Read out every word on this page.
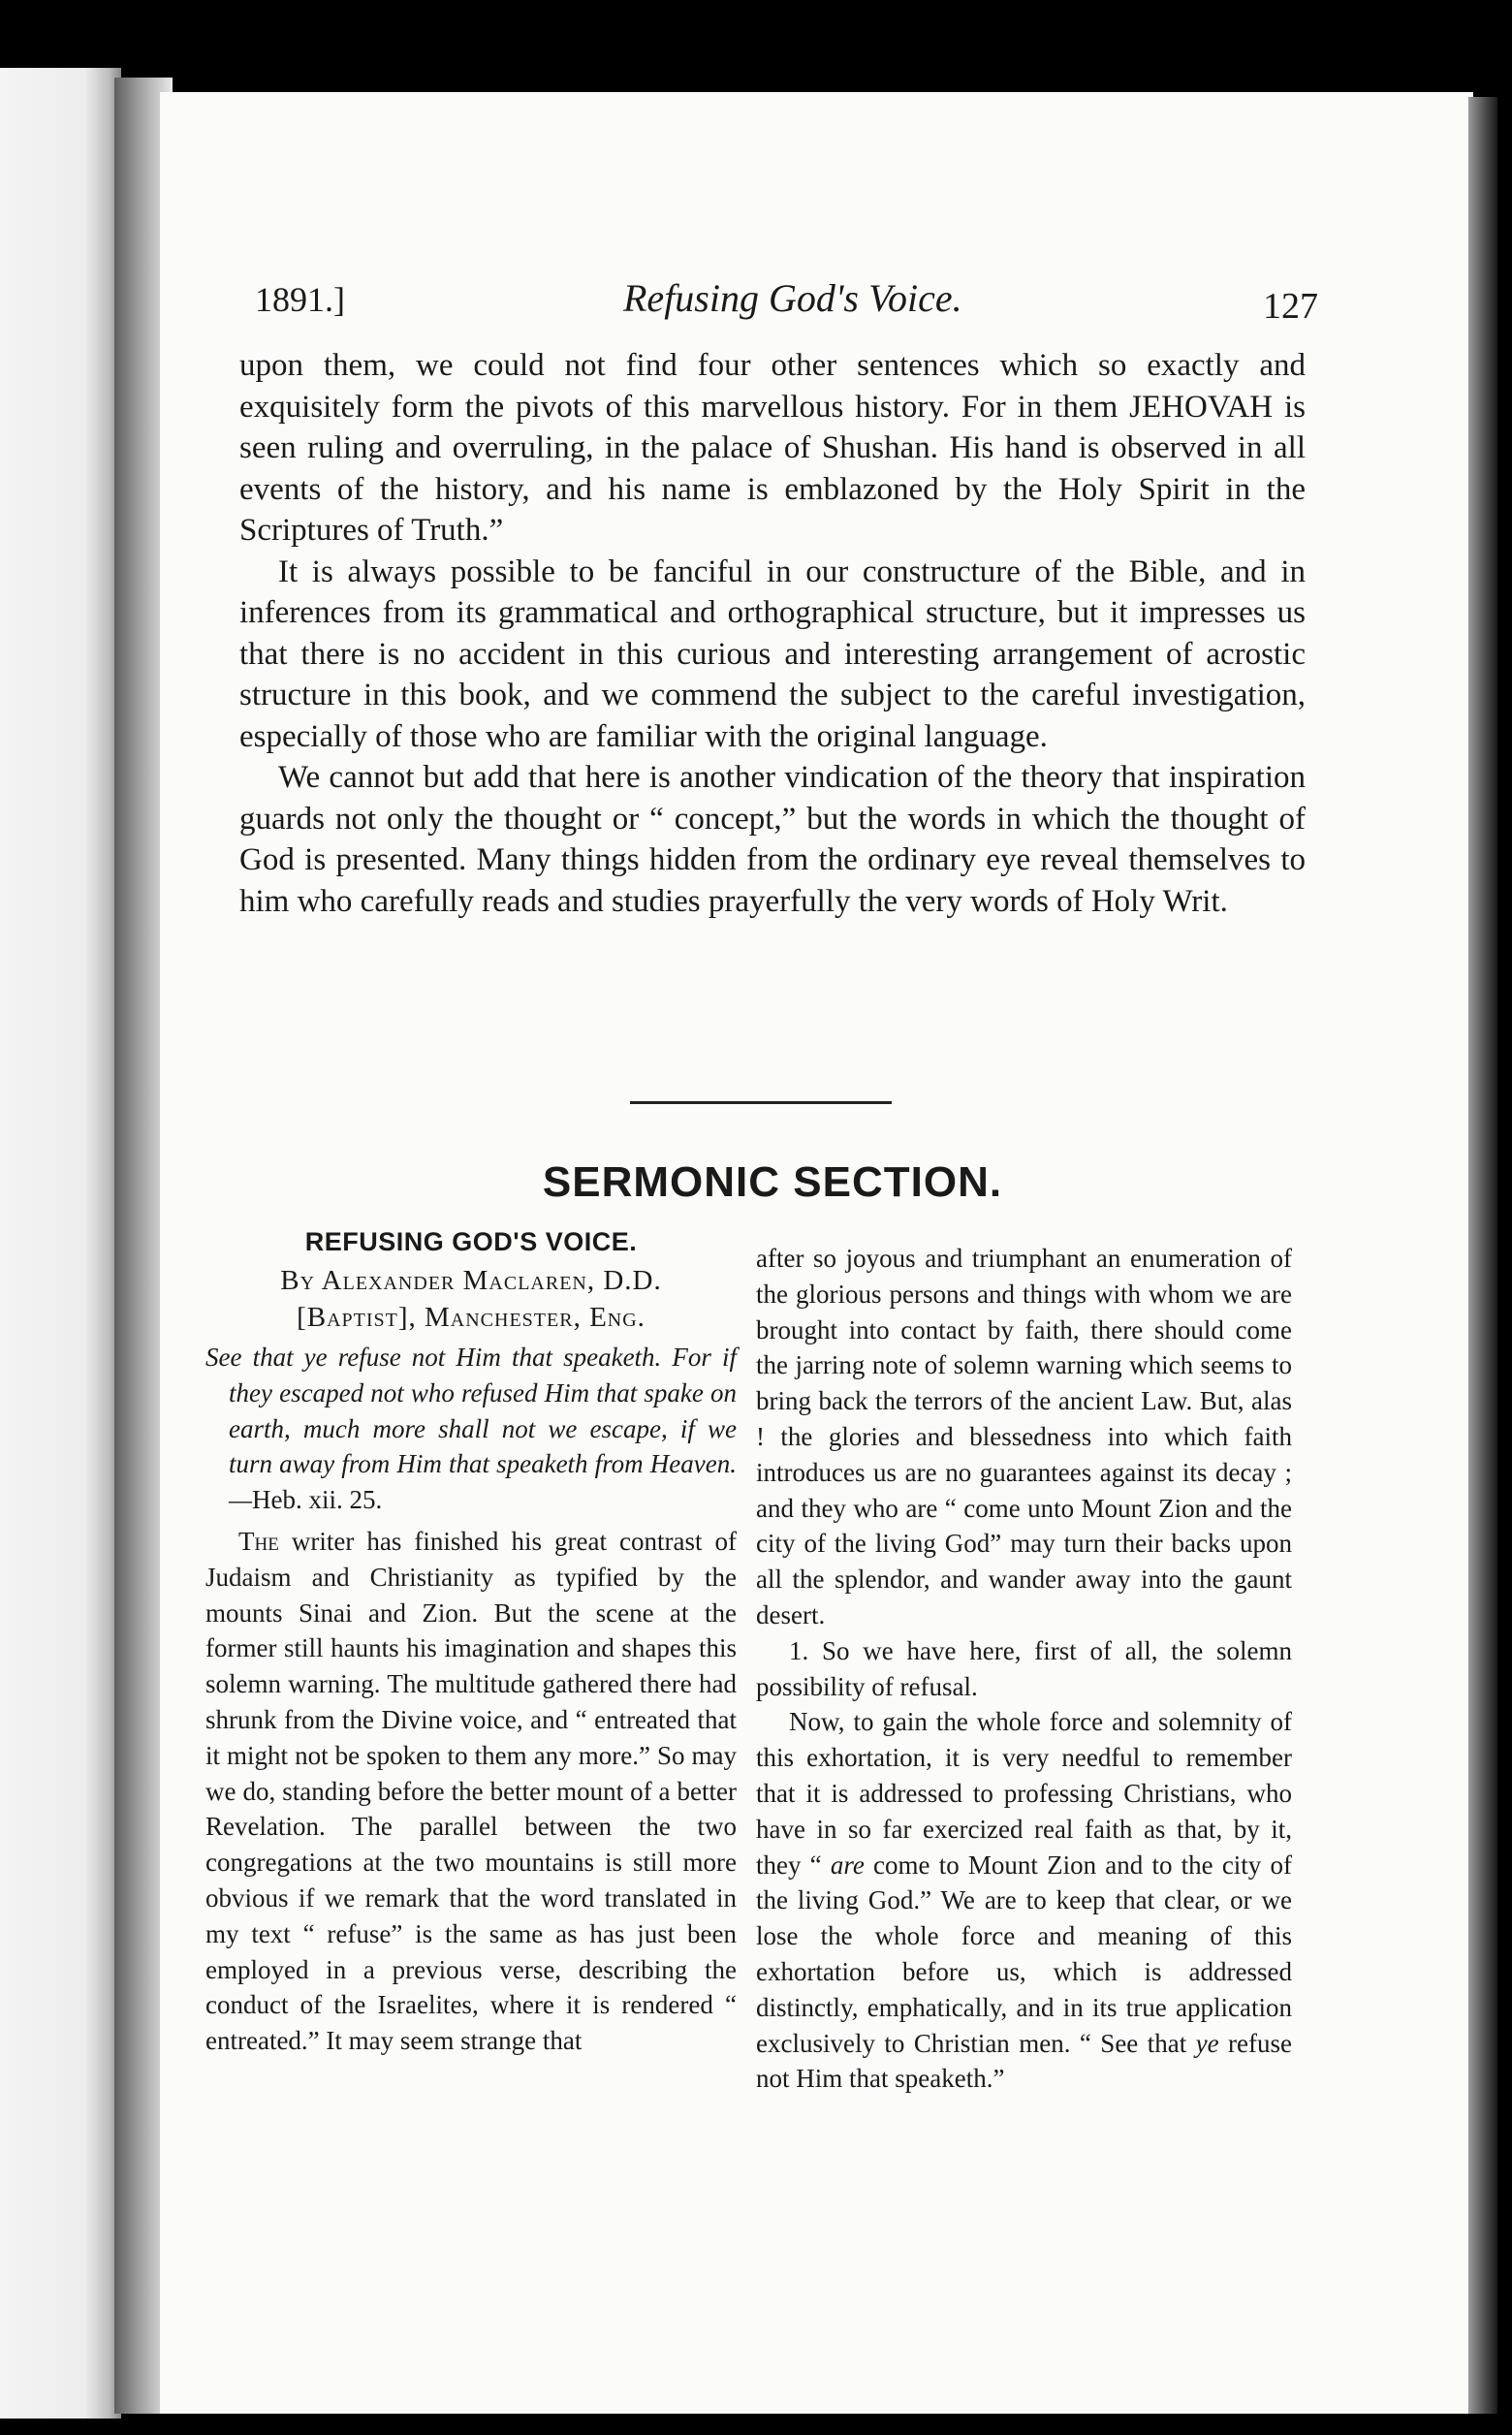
1891.]	Refusing God's Voice.	127

upon them, we could not find four other sentences which so exactly and exquisitely form the pivots of this marvellous history. For in them JEHOVAH is seen ruling and overruling, in the palace of Shushan. His hand is observed in all events of the history, and his name is emblazoned by the Holy Spirit in the Scriptures of Truth.”

It is always possible to be fanciful in our constructure of the Bible, and in inferences from its grammatical and orthographical structure, but it impresses us that there is no accident in this curious and interesting arrangement of acrostic structure in this book, and we commend the subject to the careful investigation, especially of those who are familiar with the original language.

We cannot but add that here is another vindication of the theory that inspiration guards not only the thought or “ concept,” but the words in which the thought of God is presented. Many things hidden from the ordinary eye reveal themselves to him who carefully reads and studies prayerfully the very words of Holy Writ.

SERMONIC SECTION.

REFUSING GOD'S VOICE.

By Alexander Maclaren, D.D.

[Baptist], Manchester, Eng.

See that ye refuse not Him that speaketh. For if they escaped not who refused Him that spake on earth, much more shall not we escape, if we turn away from Him that speaketh from Heaven.—Heb. xii. 25.

The writer has finished his great contrast of Judaism and Christianity as typified by the mounts Sinai and Zion. But the scene at the former still haunts his imagination and shapes this solemn warning. The multitude gathered there had shrunk from the Divine voice, and “ entreated that it might not be spoken to them any more.” So may we do, standing before the better mount of a better Revelation. The parallel between the two congregations at the two mountains is still more obvious if we remark that the word translated in my text “ refuse” is the same as has just been employed in a previous verse, describing the conduct of the Israelites, where it is rendered “ entreated.” It may seem strange that

after so joyous and triumphant an enumeration of the glorious persons and things with whom we are brought into contact by faith, there should come the jarring note of solemn warning which seems to bring back the terrors of the ancient Law. But, alas ! the glories and blessedness into which faith introduces us are no guarantees against its decay ; and they who are “ come unto Mount Zion and the city of the living God” may turn their backs upon all the splendor, and wander away into the gaunt desert.

1. So we have here, first of all, the solemn possibility of refusal.

Now, to gain the whole force and solemnity of this exhortation, it is very needful to remember that it is addressed to professing Christians, who have in so far exercized real faith as that, by it, they “ are come to Mount Zion and to the city of the living God.” We are to keep that clear, or we lose the whole force and meaning of this exhortation before us, which is addressed distinctly, emphatically, and in its true application exclusively to Christian men. “ See that ye refuse not Him that speaketh.”
